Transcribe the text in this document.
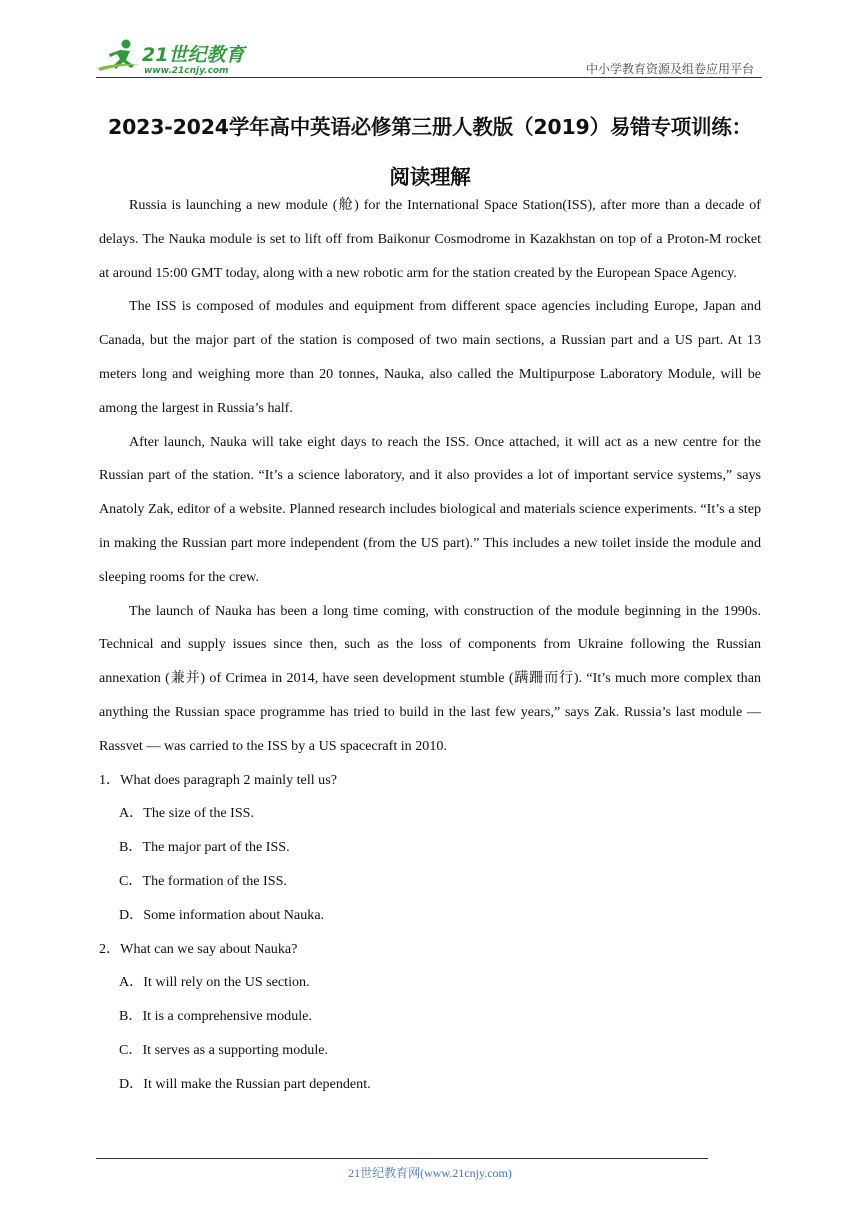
21世纪教育
www.21cnjy.com	中小学教育资源及组卷应用平台
2023-2024学年高中英语必修第三册人教版（2019）易错专项训练：阅读理解

Russia is launching a new module (舱) for the International Space Station(ISS), after more than a decade of delays. The Nauka module is set to lift off from Baikonur Cosmodrome in Kazakhstan on top of a Proton-M rocket at around 15:00 GMT today, along with a new robotic arm for the station created by the European Space Agency.

The ISS is composed of modules and equipment from different space agencies including Europe, Japan and Canada, but the major part of the station is composed of two main sections, a Russian part and a US part. At 13 meters long and weighing more than 20 tonnes, Nauka, also called the Multipurpose Laboratory Module, will be among the largest in Russia’s half.

After launch, Nauka will take eight days to reach the ISS. Once attached, it will act as a new centre for the Russian part of the station. “It’s a science laboratory, and it also provides a lot of important service systems,” says Anatoly Zak, editor of a website. Planned research includes biological and materials science experiments. “It’s a step in making the Russian part more independent (from the US part).” This includes a new toilet inside the module and sleeping rooms for the crew.

The launch of Nauka has been a long time coming, with construction of the module beginning in the 1990s. Technical and supply issues since then, such as the loss of components from Ukraine following the Russian annexation (兼并) of Crimea in 2014, have seen development stumble (蹒跚而行). “It’s much more complex than anything the Russian space programme has tried to build in the last few years,” says Zak. Russia’s last module — Rassvet — was carried to the ISS by a US spacecraft in 2010.

1．What does paragraph 2 mainly tell us?

A．The size of the ISS.

B．The major part of the ISS.

C．The formation of the ISS.

D．Some information about Nauka.

2．What can we say about Nauka?

A．It will rely on the US section.

B．It is a comprehensive module.

C．It serves as a supporting module.

D．It will make the Russian part dependent.

21世纪教育网(www.21cnjy.com)
